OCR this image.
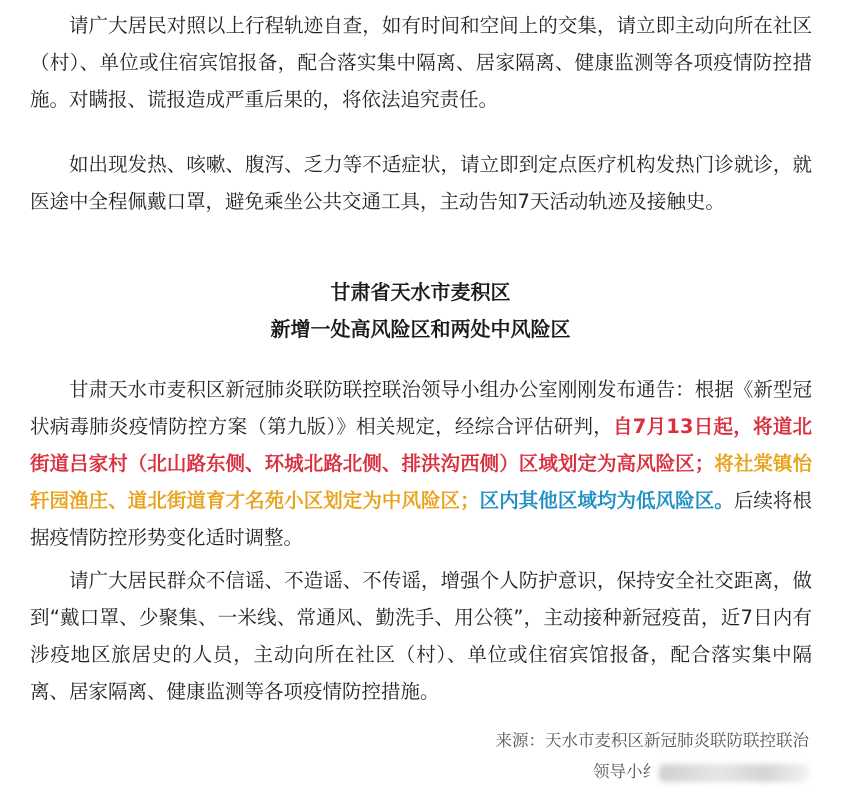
请广大居民对照以上行程轨迹自查，如有时间和空间上的交集，请立即主动向所在社区（村）、单位或住宿宾馆报备，配合落实集中隔离、居家隔离、健康监测等各项疫情防控措施。对瞒报、谎报造成严重后果的，将依法追究责任。

如出现发热、咳嗽、腹泻、乏力等不适症状，请立即到定点医疗机构发热门诊就诊，就医途中全程佩戴口罩，避免乘坐公共交通工具，主动告知7天活动轨迹及接触史。

甘肃省天水市麦积区

新增一处高风险区和两处中风险区

甘肃天水市麦积区新冠肺炎联防联控联治领导小组办公室刚刚发布通告：根据《新型冠状病毒肺炎疫情防控方案（第九版）》相关规定，经综合评估研判，自7月13日起，将道北街道吕家村（北山路东侧、环城北路北侧、排洪沟西侧）区域划定为高风险区；将社棠镇怡轩园渔庄、道北街道育才名苑小区划定为中风险区；区内其他区域均为低风险区。后续将根据疫情防控形势变化适时调整。

请广大居民群众不信谣、不造谣、不传谣，增强个人防护意识，保持安全社交距离，做到“戴口罩、少聚集、一米线、常通风、勤洗手、用公筷”，主动接种新冠疫苗，近7日内有涉疫地区旅居史的人员，主动向所在社区（村）、单位或住宿宾馆报备，配合落实集中隔离、居家隔离、健康监测等各项疫情防控措施。

来源：天水市麦积区新冠肺炎联防联控联治

领导小纟
